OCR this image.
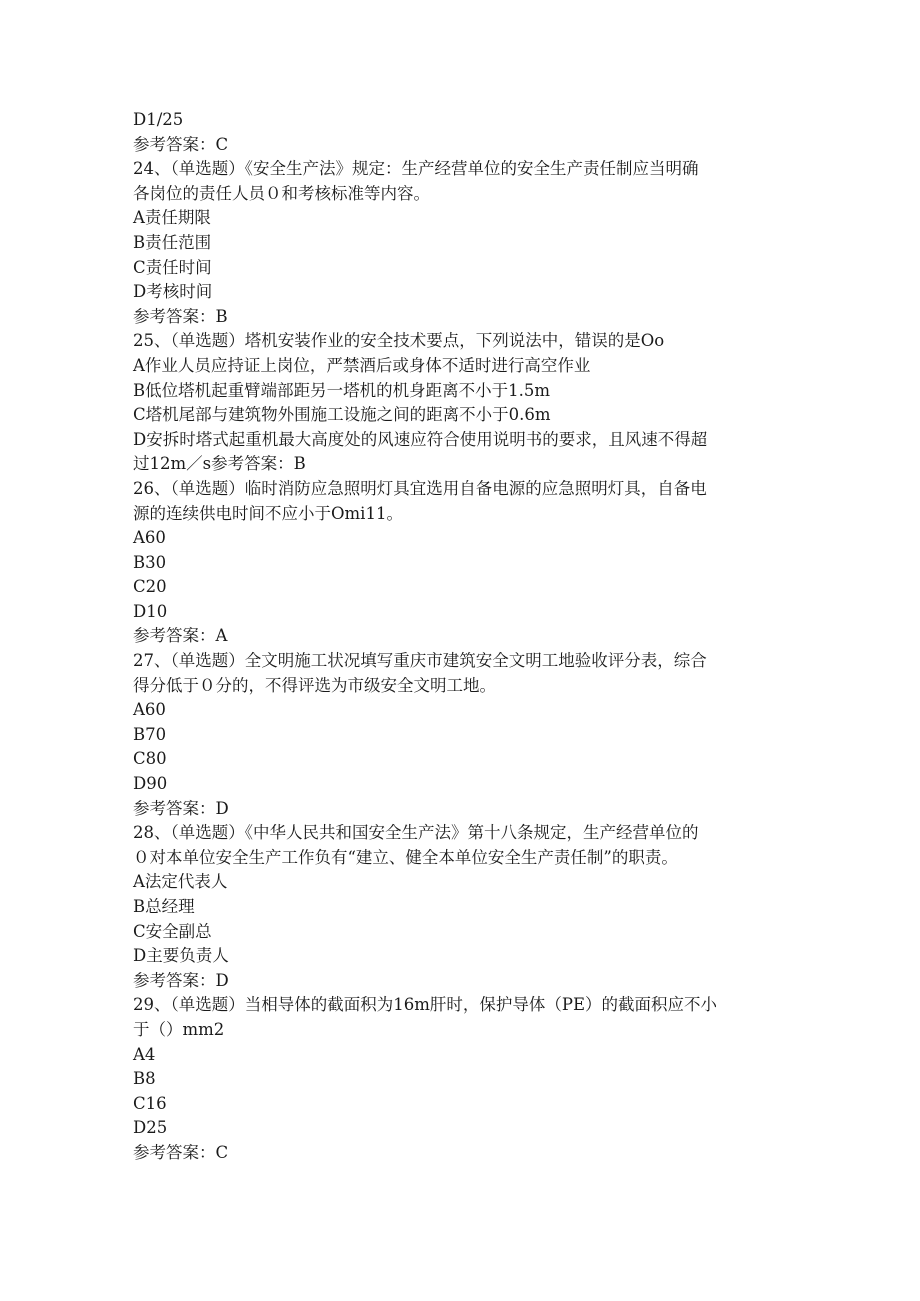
D1/25
参考答案：C
24、（单选题）《安全生产法》规定：生产经营单位的安全生产责任制应当明确
各岗位的责任人员０和考核标准等内容。
A责任期限
B责任范围
C责任时间
D考核时间
参考答案：B
25、（单选题）塔机安装作业的安全技术要点，下列说法中，错误的是Oo
A作业人员应持证上岗位，严禁酒后或身体不适时进行高空作业
B低位塔机起重臂端部距另一塔机的机身距离不小于1.5m
C塔机尾部与建筑物外围施工设施之间的距离不小于0.6m
D安拆时塔式起重机最大高度处的风速应符合使用说明书的要求，且风速不得超
过12m／s参考答案：B
26、（单选题）临时消防应急照明灯具宜选用自备电源的应急照明灯具，自备电
源的连续供电时间不应小于Omi11。
A60
B30
C20
D10
参考答案：A
27、（单选题）全文明施工状况填写重庆市建筑安全文明工地验收评分表，综合
得分低于０分的，不得评选为市级安全文明工地。
A60
B70
C80
D90
参考答案：D
28、（单选题）《中华人民共和国安全生产法》第十八条规定，生产经营单位的
０对本单位安全生产工作负有“建立、健全本单位安全生产责任制”的职责。
A法定代表人
B总经理
C安全副总
D主要负责人
参考答案：D
29、（单选题）当相导体的截面积为16m肝时，保护导体（PE）的截面积应不小
于（）mm2
A4
B8
C16
D25
参考答案：C
